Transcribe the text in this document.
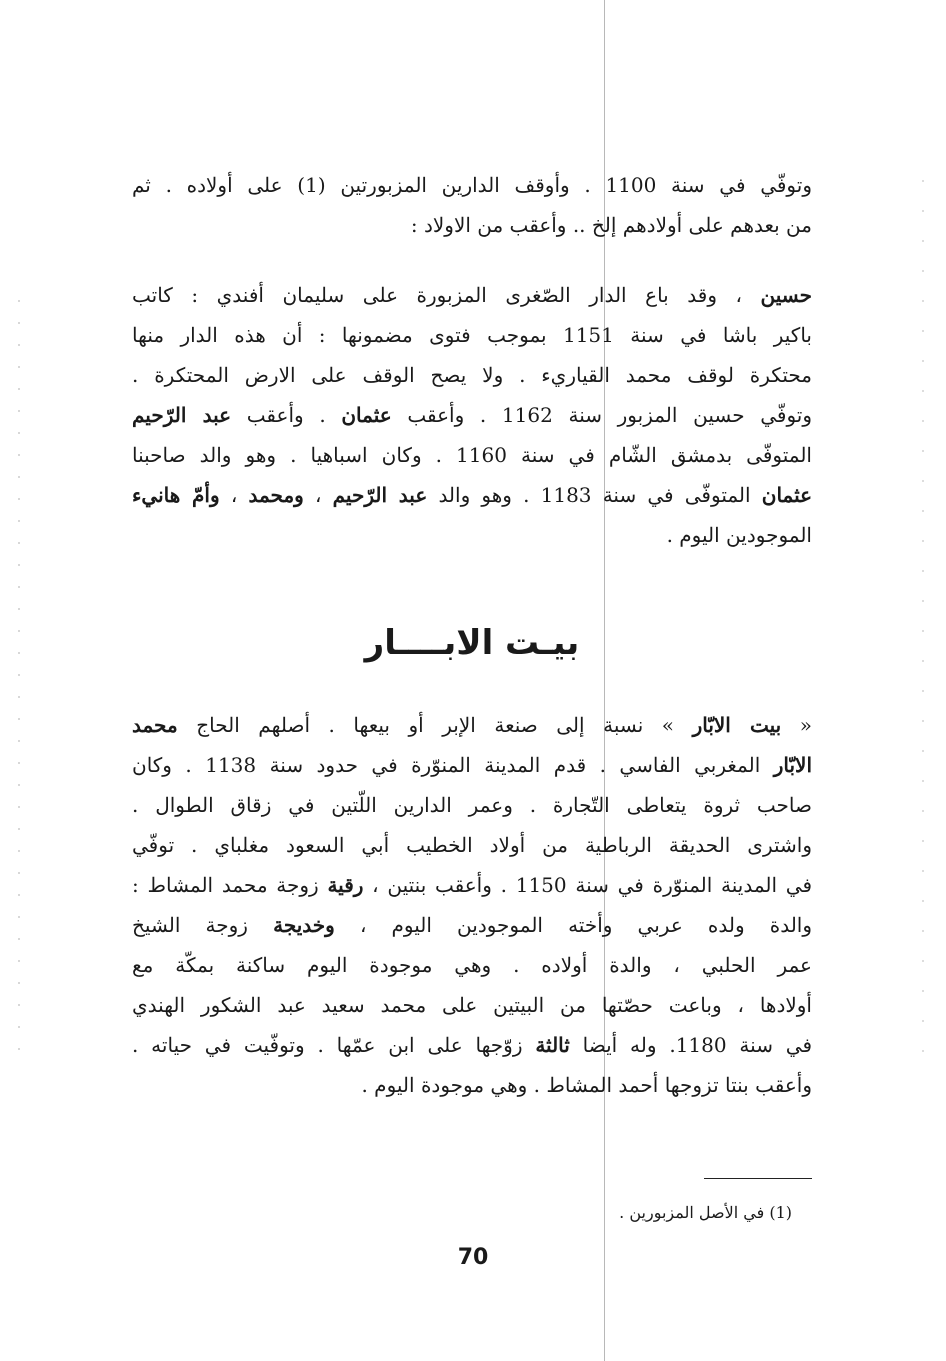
وتوفّي في سنة 1100 . وأوقف الدارين المزبورتين (1) على أولاده . ثم
من بعدهم على أولادهم إلخ .. وأعقب من الاولاد :
حسين ، وقد باع الدار الصّغرى المزبورة على سليمان أفندي : كاتب
باكير باشا في سنة 1151 بموجب فتوى مضمونها : أن هذه الدار منها
محتكرة لوقف محمد القياريء . ولا يصح الوقف على الارض المحتكرة .
وتوفّي حسين المزبور سنة 1162 . وأعقب عثمان . وأعقب عبد الرّحيم
المتوفّى بدمشق الشّام في سنة 1160 . وكان اسباهيا . وهو والد صاحبنا
عثمان المتوفّى في سنة 1183 . وهو والد عبد الرّحيم ، ومحمد ، وأمّ هانيء
الموجودين اليوم .
بيـت الابــــار
« بيت الابّار » نسبة إلى صنعة الإبر أو بيعها . أصلهم الحاج محمد
الابّار المغربي الفاسي . قدم المدينة المنوّرة في حدود سنة 1138 . وكان
صاحب ثروة يتعاطى التّجارة . وعمر الدارين اللّتين في زقاق الطوال .
واشترى الحديقة الرباطية من أولاد الخطيب أبي السعود مغلباي . توفّي
في المدينة المنوّرة في سنة 1150 . وأعقب بنتين ، رقية زوجة محمد المشاط :
والدة ولده عربي وأخته الموجودين اليوم ، وخديجة زوجة الشيخ
عمر الحلبي ، والدة أولاده . وهي موجودة اليوم ساكنة بمكّة مع
أولادها ، وباعت حصّتها من البيتين على محمد سعيد عبد الشكور الهندي
في سنة 1180. وله أيضا ثالثة زوّجها على ابن عمّها . وتوفّيت في حياته .
وأعقب بنتا تزوجها أحمد المشاط . وهي موجودة اليوم .
(1) في الأصل المزبورين .
70
